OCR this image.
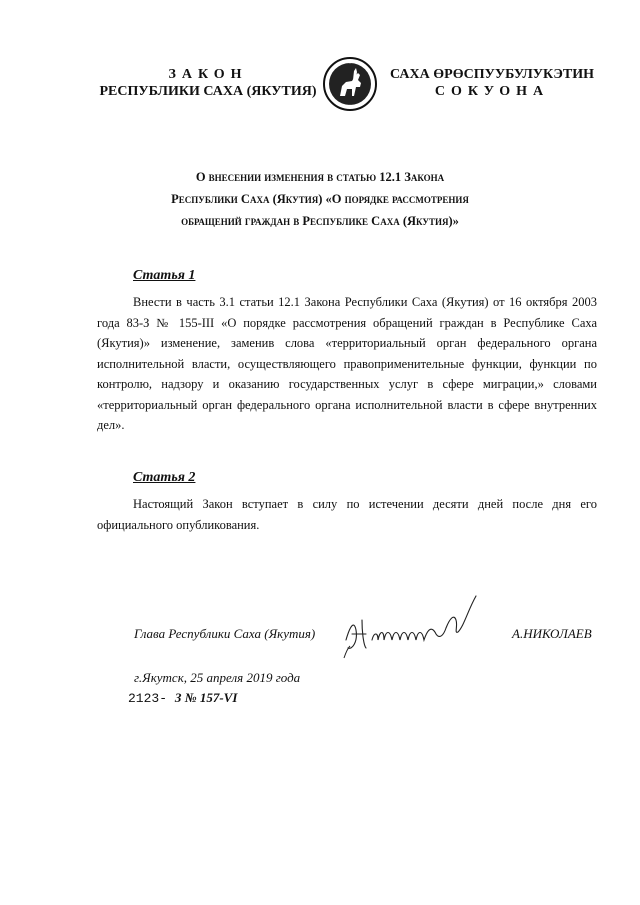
ЗАКОН
РЕСПУБЛИКИ САХА (ЯКУТИЯ)
САХА ӨРӨСПУУБУЛУКЭТИН
СОКУОНА
О внесении изменения в статью 12.1 Закона
Республики Саха (Якутия) «О порядке рассмотрения
обращений граждан в Республике Саха (Якутия)»
Статья 1
Внести в часть 3.1 статьи 12.1 Закона Республики Саха (Якутия) от 16 октября 2003 года 83-З № 155-III «О порядке рассмотрения обращений граждан в Республике Саха (Якутия)» изменение, заменив слова «территориальный орган федерального органа исполнительной власти, осуществляющего правоприменительные функции, функции по контролю, надзору и оказанию государственных услуг в сфере миграции,» словами «территориальный орган федерального органа исполнительной власти в сфере внутренних дел».
Статья 2
Настоящий Закон вступает в силу по истечении десяти дней после дня его официального опубликования.
Глава Республики Саха (Якутия)	А.НИКОЛАЕВ
г.Якутск, 25 апреля 2019 года
2123- З № 157-VI
